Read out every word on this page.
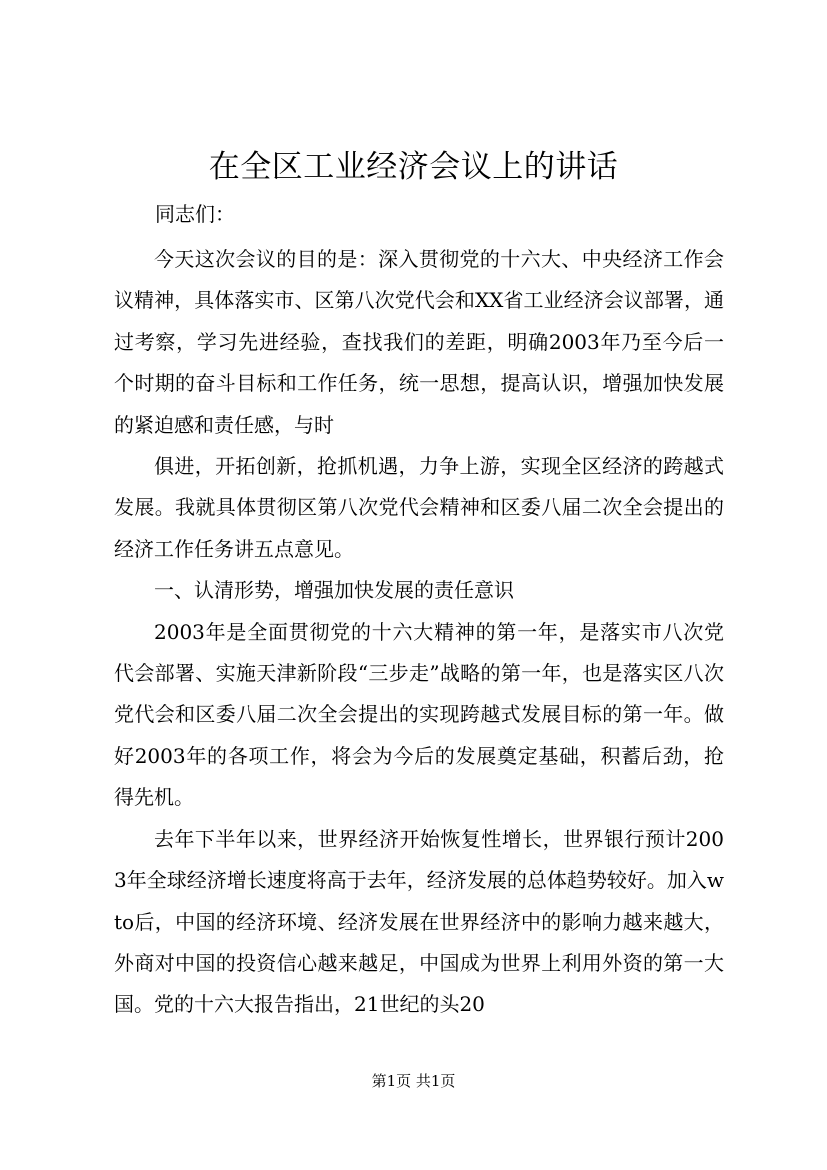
在全区工业经济会议上的讲话

同志们：

今天这次会议的目的是：深入贯彻党的十六大、中央经济工作会议精神，具体落实市、区第八次党代会和XX省工业经济会议部署，通过考察，学习先进经验，查找我们的差距，明确2003年乃至今后一个时期的奋斗目标和工作任务，统一思想，提高认识，增强加快发展的紧迫感和责任感，与时

俱进，开拓创新，抢抓机遇，力争上游，实现全区经济的跨越式发展。我就具体贯彻区第八次党代会精神和区委八届二次全会提出的经济工作任务讲五点意见。

一、认清形势，增强加快发展的责任意识

2003年是全面贯彻党的十六大精神的第一年，是落实市八次党代会部署、实施天津新阶段“三步走”战略的第一年，也是落实区八次党代会和区委八届二次全会提出的实现跨越式发展目标的第一年。做好2003年的各项工作，将会为今后的发展奠定基础，积蓄后劲，抢得先机。

去年下半年以来，世界经济开始恢复性增长，世界银行预计2003年全球经济增长速度将高于去年，经济发展的总体趋势较好。加入wto后，中国的经济环境、经济发展在世界经济中的影响力越来越大，外商对中国的投资信心越来越足，中国成为世界上利用外资的第一大国。党的十六大报告指出，21世纪的头20

第1页 共1页
